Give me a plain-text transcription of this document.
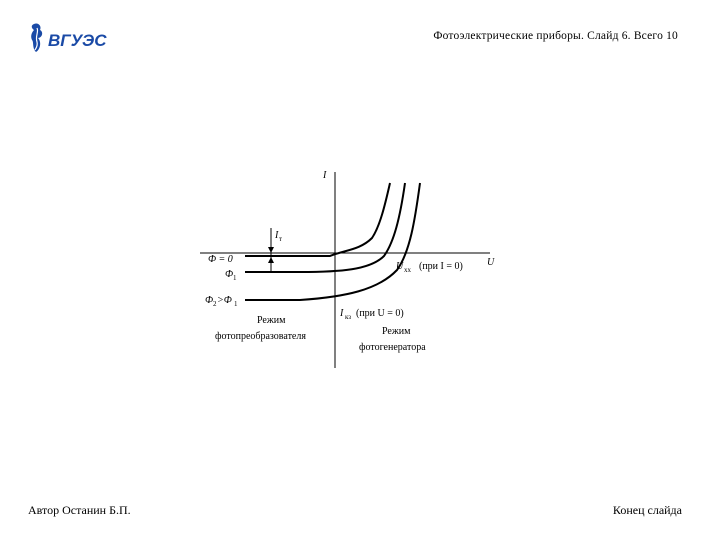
ВГУЭС	Фотоэлектрические приборы. Слайд 6. Всего 10
I
U
I т
Ф = 0
Ф 1
Ф 2 >Ф 1
U хх (при I = 0)
I кз (при U = 0)
Режим
фотопреобразователя	Режим
фотогенератора
Автор Останин Б.П.	Конец слайда
